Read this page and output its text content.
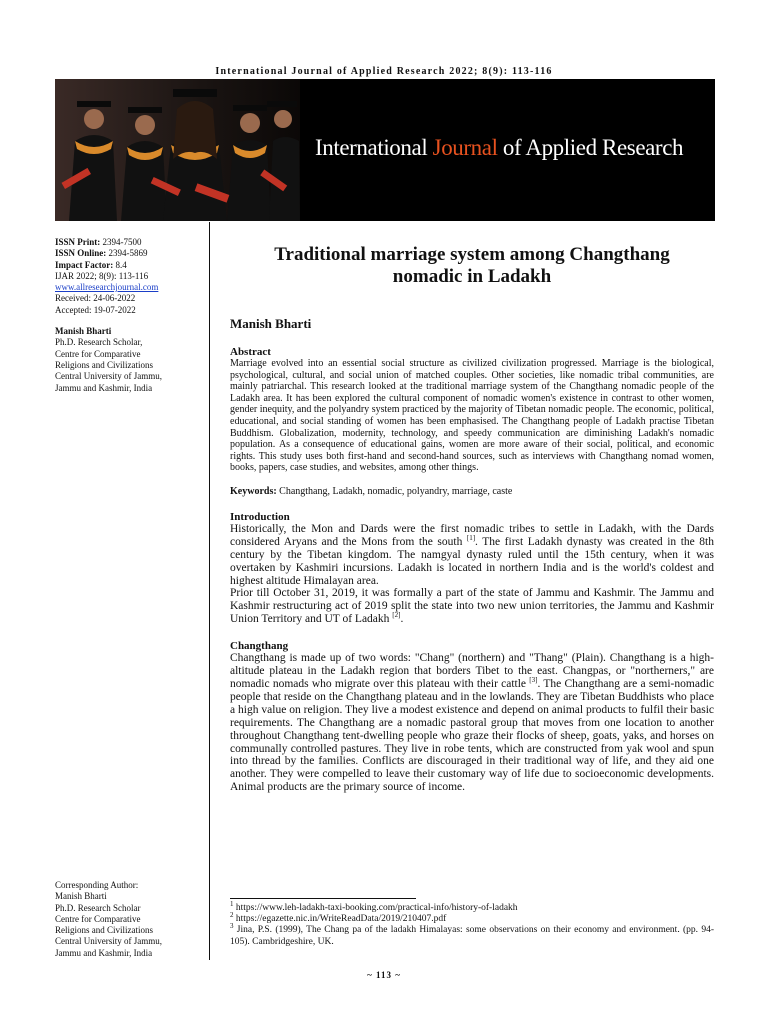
International Journal of Applied Research 2022; 8(9): 113-116
International Journal of Applied Research
ISSN Print: 2394-7500
ISSN Online: 2394-5869
Impact Factor: 8.4
IJAR 2022; 8(9): 113-116
www.allresearchjournal.com
Received: 24-06-2022
Accepted: 19-07-2022
Manish Bharti
Ph.D. Research Scholar,
Centre for Comparative
Religions and Civilizations
Central University of Jammu,
Jammu and Kashmir, India
Corresponding Author:
Manish Bharti
Ph.D. Research Scholar
Centre for Comparative
Religions and Civilizations
Central University of Jammu,
Jammu and Kashmir, India
Traditional marriage system among Changthang nomadic in Ladakh
Manish Bharti
Abstract

Marriage evolved into an essential social structure as civilized civilization progressed. Marriage is the biological, psychological, cultural, and social union of matched couples. Other societies, like nomadic tribal communities, are mainly patriarchal. This research looked at the traditional marriage system of the Changthang nomadic people of the Ladakh area. It has been explored the cultural component of nomadic women's existence in contrast to other women, gender inequity, and the polyandry system practiced by the majority of Tibetan nomadic people. The economic, political, educational, and social standing of women has been emphasised. The Changthang people of Ladakh practise Tibetan Buddhism. Globalization, modernity, technology, and speedy communication are diminishing Ladakh's nomadic population. As a consequence of educational gains, women are more aware of their social, political, and economic rights. This study uses both first-hand and second-hand sources, such as interviews with Changthang nomad women, books, papers, case studies, and websites, among other things.

Keywords: Changthang, Ladakh, nomadic, polyandry, marriage, caste

Introduction

Historically, the Mon and Dards were the first nomadic tribes to settle in Ladakh, with the Dards considered Aryans and the Mons from the south [1]. The first Ladakh dynasty was created in the 8th century by the Tibetan kingdom. The namgyal dynasty ruled until the 15th century, when it was overtaken by Kashmiri incursions. Ladakh is located in northern India and is the world's coldest and highest altitude Himalayan area.

Prior till October 31, 2019, it was formally a part of the state of Jammu and Kashmir. The Jammu and Kashmir restructuring act of 2019 split the state into two new union territories, the Jammu and Kashmir Union Territory and UT of Ladakh [2].

Changthang

Changthang is made up of two words: "Chang" (northern) and "Thang" (Plain). Changthang is a high-altitude plateau in the Ladakh region that borders Tibet to the east. Changpas, or "northerners," are nomadic nomads who migrate over this plateau with their cattle [3]. The Changthang are a semi-nomadic people that reside on the Changthang plateau and in the lowlands. They are Tibetan Buddhists who place a high value on religion. They live a modest existence and depend on animal products to fulfil their basic requirements. The Changthang are a nomadic pastoral group that moves from one location to another throughout Changthang tent-dwelling people who graze their flocks of sheep, goats, yaks, and horses on communally controlled pastures. They live in robe tents, which are constructed from yak wool and spun into thread by the families. Conflicts are discouraged in their traditional way of life, and they aid one another. They were compelled to leave their customary way of life due to socioeconomic developments. Animal products are the primary source of income.

$^1$ https://www.leh-ladakh-taxi-booking.com/practical-info/history-of-ladakh
$^2$ https://egazette.nic.in/WriteReadData/2019/210407.pdf
$^3$ Jina, P.S. (1999), The Chang pa of the ladakh Himalayas: some observations on their economy and environment. (pp. 94-105). Cambridgeshire, UK.
~ 113 ~
